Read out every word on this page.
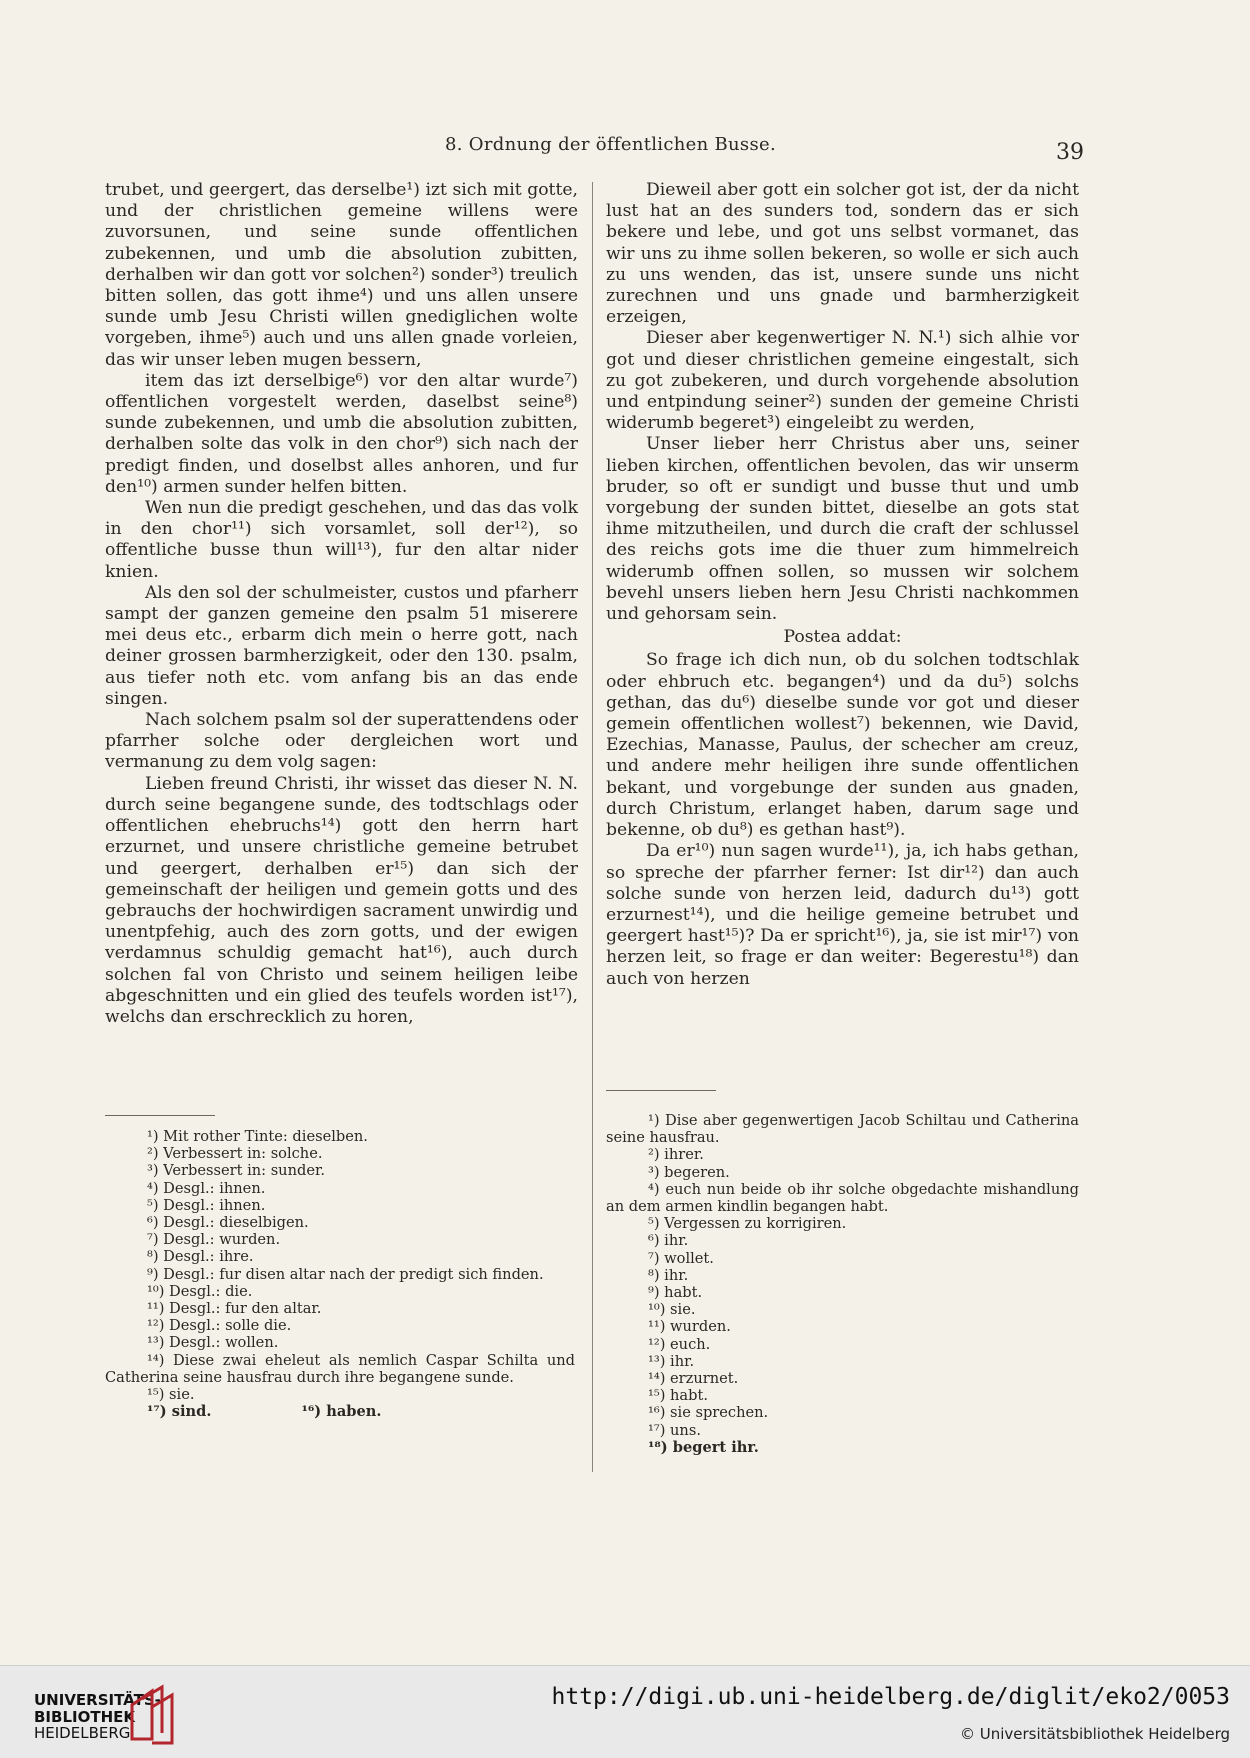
8. Ordnung der öffentlichen Busse.	39

trubet, und geergert, das derselbe¹) izt sich mit gotte, und der christlichen gemeine willens were zuvorsunen, und seine sunde offentlichen zubekennen, und umb die absolution zubitten, derhalben wir dan gott vor solchen²) sonder³) treulich bitten sollen, das gott ihme⁴) und uns allen unsere sunde umb Jesu Christi willen gnediglichen wolte vorgeben, ihme⁵) auch und uns allen gnade vorleien, das wir unser leben mugen bessern,

item das izt derselbige⁶) vor den altar wurde⁷) offentlichen vorgestelt werden, daselbst seine⁸) sunde zubekennen, und umb die absolution zubitten, derhalben solte das volk in den chor⁹) sich nach der predigt finden, und doselbst alles anhoren, und fur den¹⁰) armen sunder helfen bitten.

Wen nun die predigt geschehen, und das das volk in den chor¹¹) sich vorsamlet, soll der¹²), so offentliche busse thun will¹³), fur den altar nider knien.

Als den sol der schulmeister, custos und pfarherr sampt der ganzen gemeine den psalm 51 miserere mei deus etc., erbarm dich mein o herre gott, nach deiner grossen barmherzigkeit, oder den 130. psalm, aus tiefer noth etc. vom anfang bis an das ende singen.

Nach solchem psalm sol der superattendens oder pfarrher solche oder dergleichen wort und vermanung zu dem volg sagen:

Lieben freund Christi, ihr wisset das dieser N. N. durch seine begangene sunde, des todtschlags oder offentlichen ehebruchs¹⁴) gott den herrn hart erzurnet, und unsere christliche gemeine betrubet und geergert, derhalben er¹⁵) dan sich der gemeinschaft der heiligen und gemein gotts und des gebrauchs der hochwirdigen sacrament unwirdig und unentpfehig, auch des zorn gotts, und der ewigen verdamnus schuldig gemacht hat¹⁶), auch durch solchen fal von Christo und seinem heiligen leibe abgeschnitten und ein glied des teufels worden ist¹⁷), welchs dan erschrecklich zu horen,

Dieweil aber gott ein solcher got ist, der da nicht lust hat an des sunders tod, sondern das er sich bekere und lebe, und got uns selbst vormanet, das wir uns zu ihme sollen bekeren, so wolle er sich auch zu uns wenden, das ist, unsere sunde uns nicht zurechnen und uns gnade und barmherzigkeit erzeigen,

Dieser aber kegenwertiger N. N.¹) sich alhie vor got und dieser christlichen gemeine eingestalt, sich zu got zubekeren, und durch vorgehende absolution und entpindung seiner²) sunden der gemeine Christi widerumb begeret³) eingeleibt zu werden,

Unser lieber herr Christus aber uns, seiner lieben kirchen, offentlichen bevolen, das wir unserm bruder, so oft er sundigt und busse thut und umb vorgebung der sunden bittet, dieselbe an gots stat ihme mitzutheilen, und durch die craft der schlussel des reichs gots ime die thuer zum himmelreich widerumb offnen sollen, so mussen wir solchem bevehl unsers lieben hern Jesu Christi nachkommen und gehorsam sein.

Postea addat:

So frage ich dich nun, ob du solchen todtschlak oder ehbruch etc. begangen⁴) und da du⁵) solchs gethan, das du⁶) dieselbe sunde vor got und dieser gemein offentlichen wollest⁷) bekennen, wie David, Ezechias, Manasse, Paulus, der schecher am creuz, und andere mehr heiligen ihre sunde offentlichen bekant, und vorgebunge der sunden aus gnaden, durch Christum, erlanget haben, darum sage und bekenne, ob du⁸) es gethan hast⁹).

Da er¹⁰) nun sagen wurde¹¹), ja, ich habs gethan, so spreche der pfarrher ferner: Ist dir¹²) dan auch solche sunde von herzen leid, dadurch du¹³) gott erzurnest¹⁴), und die heilige gemeine betrubet und geergert hast¹⁵)? Da er spricht¹⁶), ja, sie ist mir¹⁷) von herzen leit, so frage er dan weiter: Begerestu¹⁸) dan auch von herzen

¹) Mit rother Tinte: dieselben.

²) Verbessert in: solche.

³) Verbessert in: sunder.

⁴) Desgl.: ihnen.

⁵) Desgl.: ihnen.

⁶) Desgl.: dieselbigen.

⁷) Desgl.: wurden.

⁸) Desgl.: ihre.

⁹) Desgl.: fur disen altar nach der predigt sich finden.

¹⁰) Desgl.: die.

¹¹) Desgl.: fur den altar.

¹²) Desgl.: solle die.

¹³) Desgl.: wollen.

¹⁴) Diese zwai eheleut als nemlich Caspar Schilta und Catherina seine hausfrau durch ihre begangene sunde.

¹⁵) sie.

¹⁷) sind.	¹⁶) haben.

¹) Dise aber gegenwertigen Jacob Schiltau und Catherina seine hausfrau.

²) ihrer.

³) begeren.

⁴) euch nun beide ob ihr solche obgedachte mishandlung an dem armen kindlin begangen habt.

⁵) Vergessen zu korrigiren.

⁶) ihr.

⁷) wollet.

⁸) ihr.

⁹) habt.

¹⁰) sie.

¹¹) wurden.

¹²) euch.

¹³) ihr.

¹⁴) erzurnet.

¹⁵) habt.

¹⁶) sie sprechen.

¹⁷) uns.

¹⁸) begert ihr.

UNIVERSITÄTS-
BIBLIOTHEK
HEIDELBERG
http://digi.ub.uni-heidelberg.de/diglit/eko2/0053
© Universitätsbibliothek Heidelberg
